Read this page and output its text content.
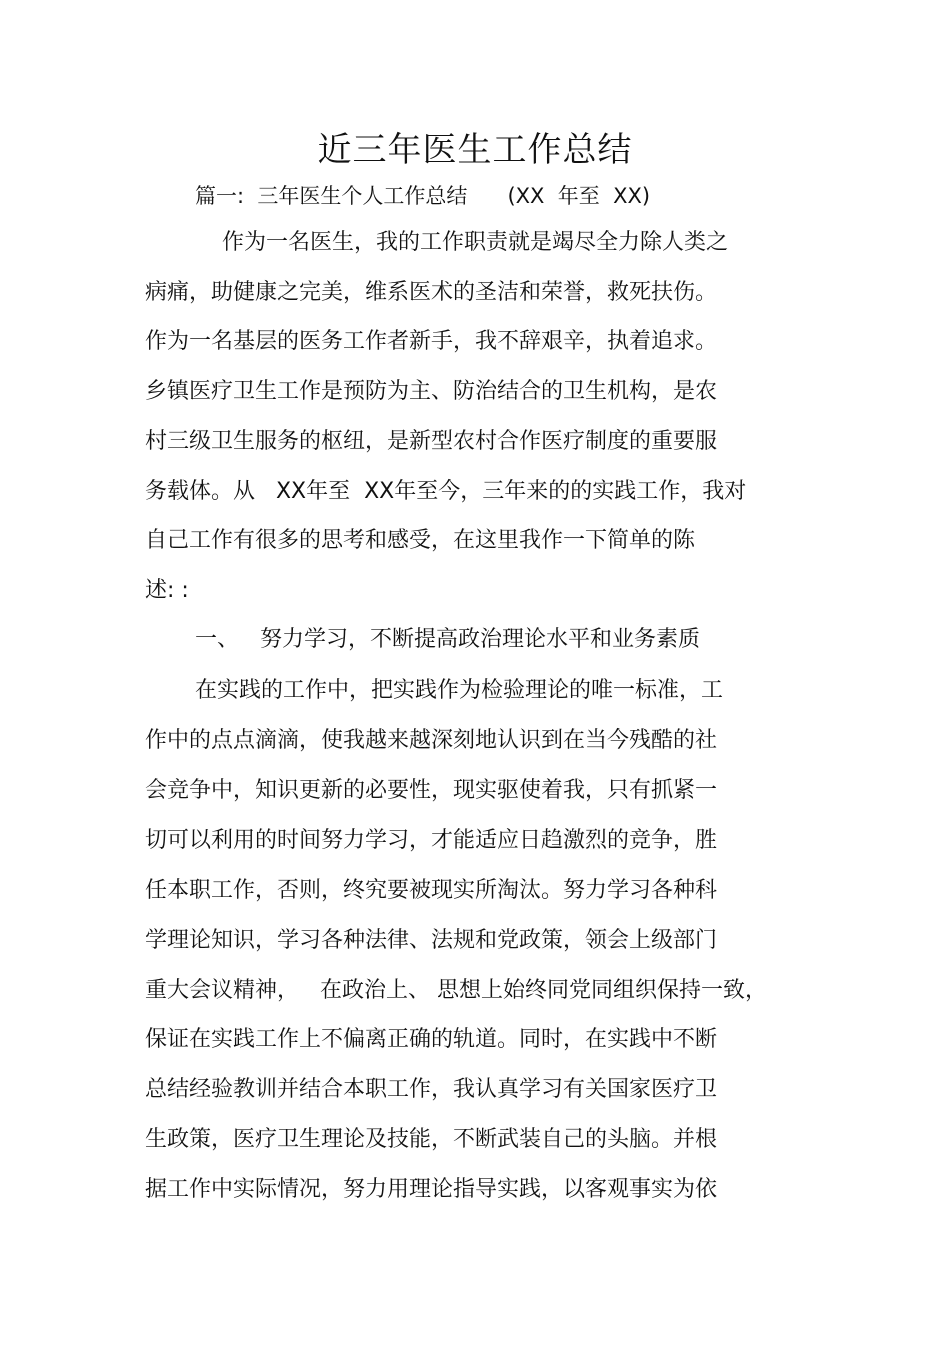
近三年医生工作总结
篇一:  三年医生个人工作总结      (XX  年至  XX)
作为一名医生，我的工作职责就是竭尽全力除人类之
病痛，助健康之完美，维系医术的圣洁和荣誉，救死扶伤。
作为一名基层的医务工作者新手，我不辞艰辛，执着追求。
乡镇医疗卫生工作是预防为主、防治结合的卫生机构，是农
村三级卫生服务的枢纽，是新型农村合作医疗制度的重要服
务载体。从   XX年至  XX年至今，三年来的的实践工作，我对
自己工作有很多的思考和感受，在这里我作一下简单的陈
述: :
一、   努力学习，不断提高政治理论水平和业务素质
在实践的工作中，把实践作为检验理论的唯一标准，工
作中的点点滴滴，使我越来越深刻地认识到在当今残酷的社
会竞争中，知识更新的必要性，现实驱使着我，只有抓紧一
切可以利用的时间努力学习，才能适应日趋激烈的竞争，胜
任本职工作，否则，终究要被现实所淘汰。努力学习各种科
学理论知识，学习各种法律、法规和党政策，领会上级部门
重大会议精神，   在政治上、 思想上始终同党同组织保持一致，
保证在实践工作上不偏离正确的轨道。同时，在实践中不断
总结经验教训并结合本职工作，我认真学习有关国家医疗卫
生政策，医疗卫生理论及技能，不断武装自己的头脑。并根
据工作中实际情况，努力用理论指导实践，以客观事实为依
